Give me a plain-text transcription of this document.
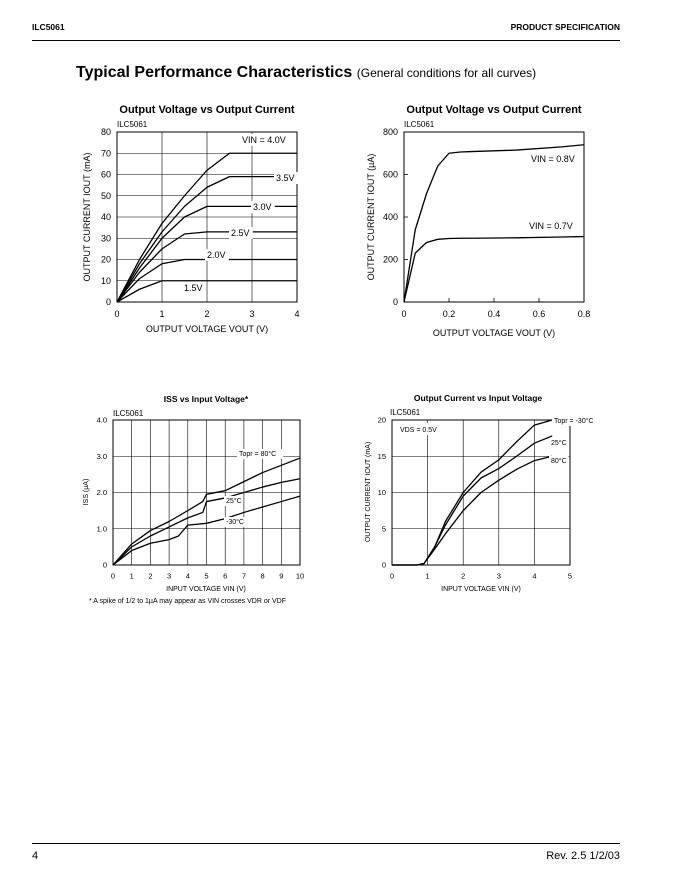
ILC5061	PRODUCT SPECIFICATION
Typical Performance Characteristics (General conditions for all curves)
0	1	2	3	4
0
10
20
30
40
50
60
70
80
Output Voltage vs Output Current
ILC5061
OUTPUT VOLTAGE VOUT (V)
OUTPUT CURRENT IOUT (mA)
VIN = 4.0V
3.5V
3.0V
2.5V
2.0V
1.5V
0	0.2	0.4	0.6	0.8
0
200
400
600
800
Output Voltage vs Output Current
ILC5061
OUTPUT VOLTAGE VOUT (V)
OUTPUT CURRENT IOUT (µA)	VIN = 0.8V
VIN = 0.7V
0 1 2 3 4 5 6 7 8 9 10
0
1.0
2.0
3.0
4.0
ISS vs Input Voltage*
ILC5061
INPUT VOLTAGE VIN (V)
ISS (µA)
* A spike of 1/2 to 1µA may appear as VIN crosses VDR or VDF
Topr = 80°C
25°C
-30°C
0	1	2	3	4	5
0
5
10
15
20
Output Current vs Input Voltage
ILC5061
INPUT VOLTAGE VIN (V)
OUTPUT CURRENT IOUT (mA)
VDS = 0.5V
Topr = -30°C
25°C
80°C
4	Rev. 2.5 1/2/03
